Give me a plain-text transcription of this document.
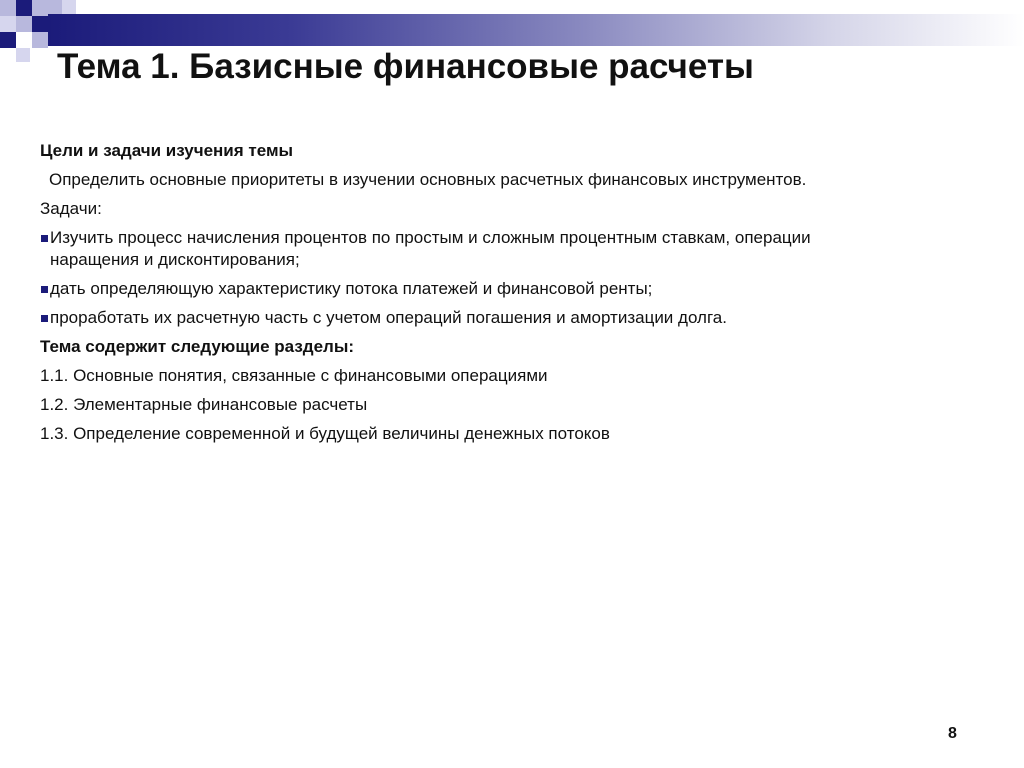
Тема 1. Базисные финансовые расчеты

Цели и задачи изучения темы

Определить основные приоритеты в изучении основных расчетных финансовых инструментов.

Задачи:

Изучить процесс начисления процентов по простым и сложным процентным ставкам, операции
наращения и дисконтирования;
дать определяющую характеристику потока платежей и финансовой ренты;
проработать их расчетную часть с учетом операций погашения и амортизации долга.

Тема содержит следующие разделы:

1.1. Основные понятия, связанные с финансовыми операциями

1.2. Элементарные финансовые расчеты

1.3. Определение современной и будущей величины денежных потоков

8
